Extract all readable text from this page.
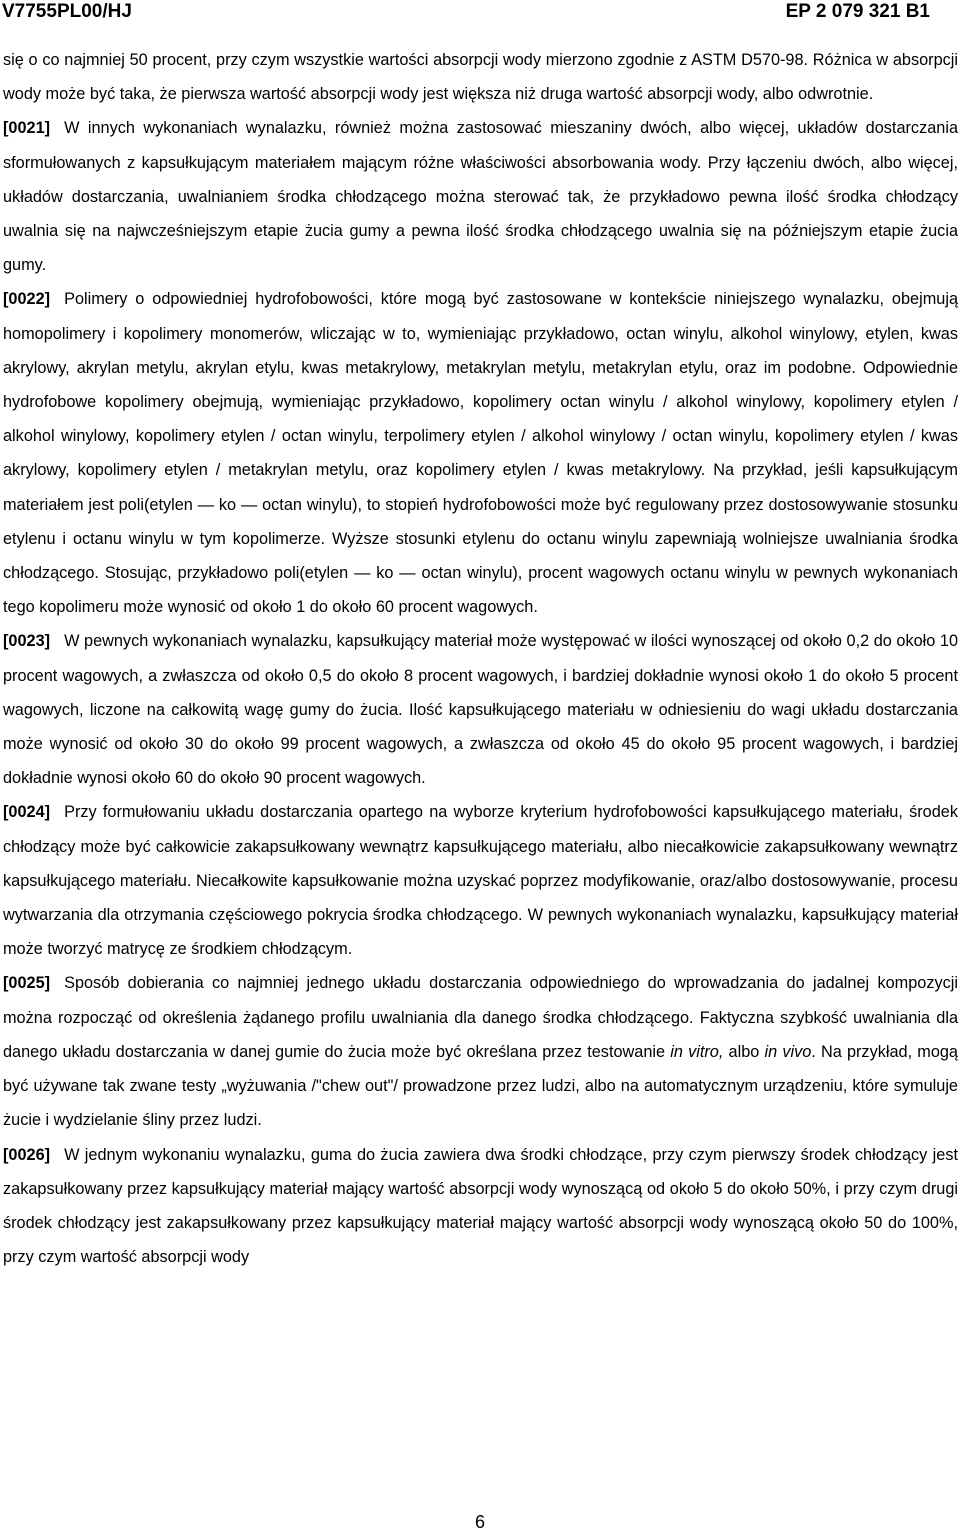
V7755PL00/HJ	EP 2 079 321 B1

się o co najmniej 50 procent, przy czym wszystkie wartości absorpcji wody mierzono zgodnie z ASTM D570-98. Różnica w absorpcji wody może być taka, że pierwsza wartość absorpcji wody jest większa niż druga wartość absorpcji wody, albo odwrotnie.

[0021] W innych wykonaniach wynalazku, również można zastosować mieszaniny dwóch, albo więcej, układów dostarczania sformułowanych z kapsułkującym materiałem mającym różne właściwości absorbowania wody. Przy łączeniu dwóch, albo więcej, układów dostarczania, uwalnianiem środka chłodzącego można sterować tak, że przykładowo pewna ilość środka chłodzący uwalnia się na najwcześniejszym etapie żucia gumy a pewna ilość środka chłodzącego uwalnia się na późniejszym etapie żucia gumy.

[0022] Polimery o odpowiedniej hydrofobowości, które mogą być zastosowane w kontekście niniejszego wynalazku, obejmują homopolimery i kopolimery monomerów, wliczając w to, wymieniając przykładowo, octan winylu, alkohol winylowy, etylen, kwas akrylowy, akrylan metylu, akrylan etylu, kwas metakrylowy, metakrylan metylu, metakrylan etylu, oraz im podobne. Odpowiednie hydrofobowe kopolimery obejmują, wymieniając przykładowo, kopolimery octan winylu / alkohol winylowy, kopolimery etylen / alkohol winylowy, kopolimery etylen / octan winylu, terpolimery etylen / alkohol winylowy / octan winylu, kopolimery etylen / kwas akrylowy, kopolimery etylen / metakrylan metylu, oraz kopolimery etylen / kwas metakrylowy. Na przykład, jeśli kapsułkującym materiałem jest poli(etylen — ko — octan winylu), to stopień hydrofobowości może być regulowany przez dostosowywanie stosunku etylenu i octanu winylu w tym kopolimerze. Wyższe stosunki etylenu do octanu winylu zapewniają wolniejsze uwalniania środka chłodzącego. Stosując, przykładowo poli(etylen — ko — octan winylu), procent wagowych octanu winylu w pewnych wykonaniach tego kopolimeru może wynosić od około 1 do około 60 procent wagowych.

[0023] W pewnych wykonaniach wynalazku, kapsułkujący materiał może występować w ilości wynoszącej od około 0,2 do około 10 procent wagowych, a zwłaszcza od około 0,5 do około 8 procent wagowych, i bardziej dokładnie wynosi około 1 do około 5 procent wagowych, liczone na całkowitą wagę gumy do żucia. Ilość kapsułkującego materiału w odniesieniu do wagi układu dostarczania może wynosić od około 30 do około 99 procent wagowych, a zwłaszcza od około 45 do około 95 procent wagowych, i bardziej dokładnie wynosi około 60 do około 90 procent wagowych.

[0024] Przy formułowaniu układu dostarczania opartego na wyborze kryterium hydrofobowości kapsułkującego materiału, środek chłodzący może być całkowicie zakapsułkowany wewnątrz kapsułkującego materiału, albo niecałkowicie zakapsułkowany wewnątrz kapsułkującego materiału. Niecałkowite kapsułkowanie można uzyskać poprzez modyfikowanie, oraz/albo dostosowywanie, procesu wytwarzania dla otrzymania częściowego pokrycia środka chłodzącego. W pewnych wykonaniach wynalazku, kapsułkujący materiał może tworzyć matrycę ze środkiem chłodzącym.

[0025] Sposób dobierania co najmniej jednego układu dostarczania odpowiedniego do wprowadzania do jadalnej kompozycji można rozpocząć od określenia żądanego profilu uwalniania dla danego środka chłodzącego. Faktyczna szybkość uwalniania dla danego układu dostarczania w danej gumie do żucia może być określana przez testowanie in vitro, albo in vivo. Na przykład, mogą być używane tak zwane testy „wyżuwania /"chew out"/ prowadzone przez ludzi, albo na automatycznym urządzeniu, które symuluje żucie i wydzielanie śliny przez ludzi.

[0026] W jednym wykonaniu wynalazku, guma do żucia zawiera dwa środki chłodzące, przy czym pierwszy środek chłodzący jest zakapsułkowany przez kapsułkujący materiał mający wartość absorpcji wody wynoszącą od około 5 do około 50%, i przy czym drugi środek chłodzący jest zakapsułkowany przez kapsułkujący materiał mający wartość absorpcji wody wynoszącą około 50 do 100%, przy czym wartość absorpcji wody

6
